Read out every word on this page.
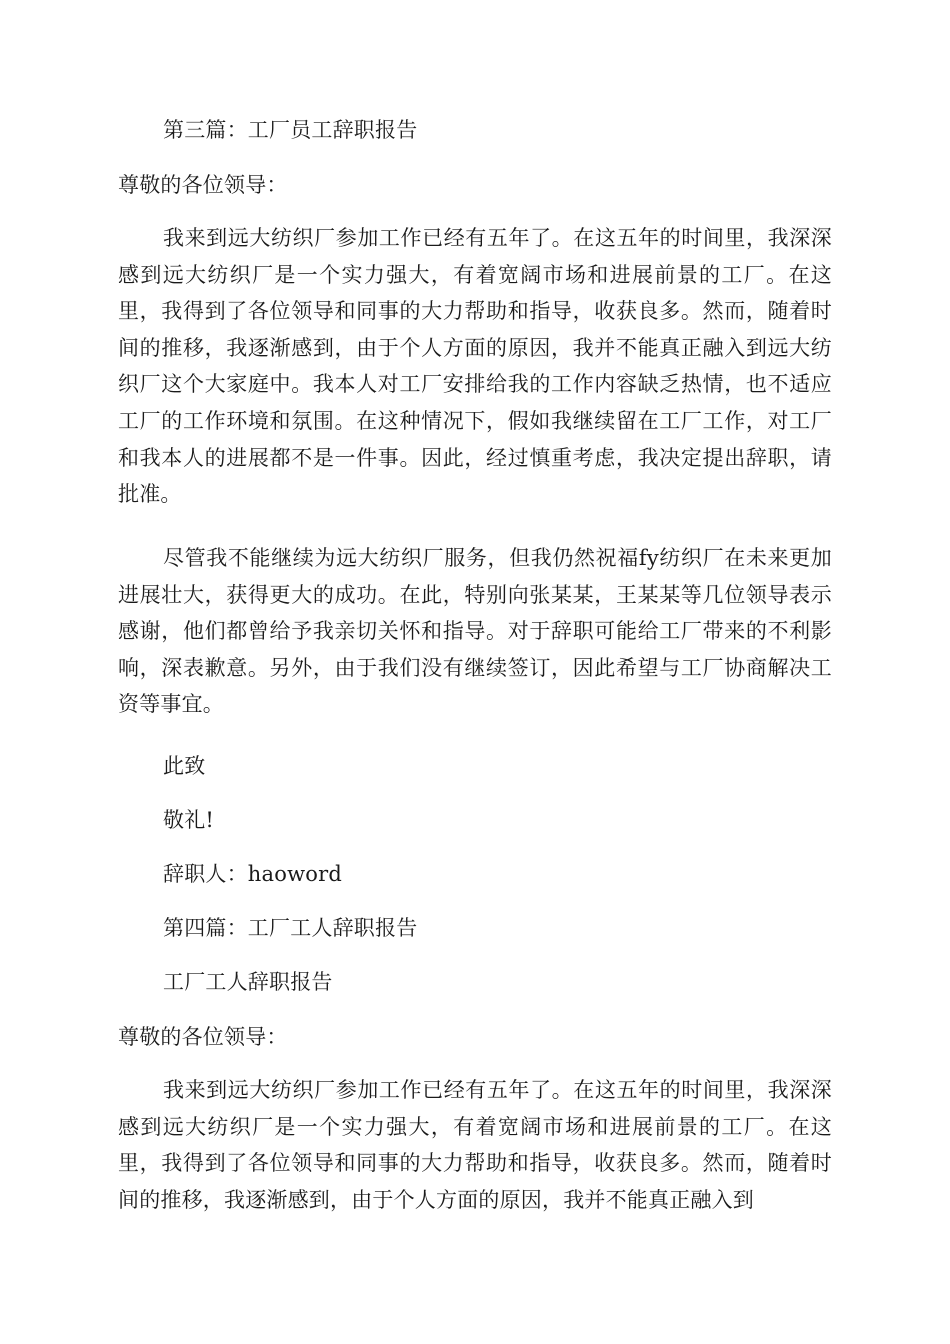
第三篇：工厂员工辞职报告
尊敬的各位领导：

我来到远大纺织厂参加工作已经有五年了。在这五年的时间里，我深深感到远大纺织厂是一个实力强大，有着宽阔市场和进展前景的工厂。在这里，我得到了各位领导和同事的大力帮助和指导，收获良多。然而，随着时间的推移，我逐渐感到，由于个人方面的原因，我并不能真正融入到远大纺织厂这个大家庭中。我本人对工厂安排给我的工作内容缺乏热情，也不适应工厂的工作环境和氛围。在这种情况下，假如我继续留在工厂工作，对工厂和我本人的进展都不是一件事。因此，经过慎重考虑，我决定提出辞职，请批准。

尽管我不能继续为远大纺织厂服务，但我仍然祝福fy纺织厂在未来更加进展壮大，获得更大的成功。在此，特别向张某某，王某某等几位领导表示感谢，他们都曾给予我亲切关怀和指导。对于辞职可能给工厂带来的不利影响，深表歉意。另外，由于我们没有继续签订，因此希望与工厂协商解决工资等事宜。

此致
敬礼!
辞职人：haoword
第四篇：工厂工人辞职报告
工厂工人辞职报告
尊敬的各位领导：

我来到远大纺织厂参加工作已经有五年了。在这五年的时间里，我深深感到远大纺织厂是一个实力强大，有着宽阔市场和进展前景的工厂。在这里，我得到了各位领导和同事的大力帮助和指导，收获良多。然而，随着时间的推移，我逐渐感到，由于个人方面的原因，我并不能真正融入到
